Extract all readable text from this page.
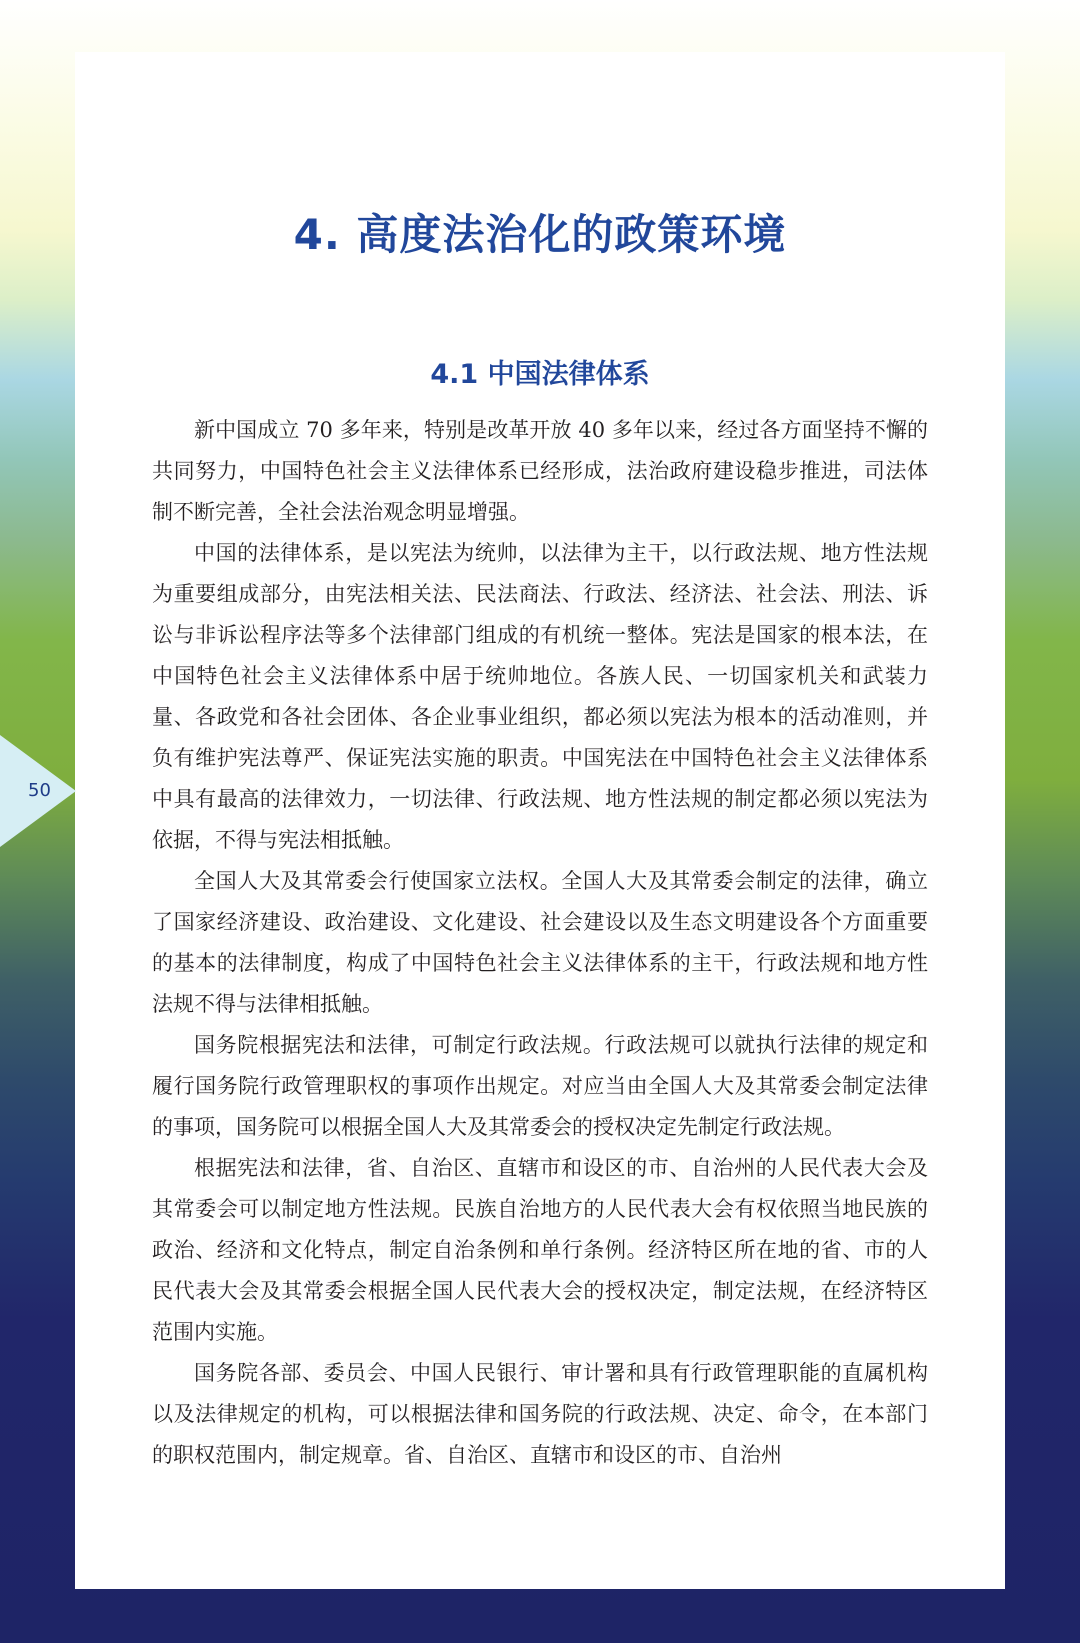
50
4. 高度法治化的政策环境
4.1 中国法律体系

新中国成立 70 多年来，特别是改革开放 40 多年以来，经过各方面坚持不懈的共同努力，中国特色社会主义法律体系已经形成，法治政府建设稳步推进，司法体制不断完善，全社会法治观念明显增强。

中国的法律体系，是以宪法为统帅，以法律为主干，以行政法规、地方性法规为重要组成部分，由宪法相关法、民法商法、行政法、经济法、社会法、刑法、诉讼与非诉讼程序法等多个法律部门组成的有机统一整体。宪法是国家的根本法，在中国特色社会主义法律体系中居于统帅地位。各族人民、一切国家机关和武装力量、各政党和各社会团体、各企业事业组织，都必须以宪法为根本的活动准则，并负有维护宪法尊严、保证宪法实施的职责。中国宪法在中国特色社会主义法律体系中具有最高的法律效力，一切法律、行政法规、地方性法规的制定都必须以宪法为依据，不得与宪法相抵触。

全国人大及其常委会行使国家立法权。全国人大及其常委会制定的法律，确立了国家经济建设、政治建设、文化建设、社会建设以及生态文明建设各个方面重要的基本的法律制度，构成了中国特色社会主义法律体系的主干，行政法规和地方性法规不得与法律相抵触。

国务院根据宪法和法律，可制定行政法规。行政法规可以就执行法律的规定和履行国务院行政管理职权的事项作出规定。对应当由全国人大及其常委会制定法律的事项，国务院可以根据全国人大及其常委会的授权决定先制定行政法规。

根据宪法和法律，省、自治区、直辖市和设区的市、自治州的人民代表大会及其常委会可以制定地方性法规。民族自治地方的人民代表大会有权依照当地民族的政治、经济和文化特点，制定自治条例和单行条例。经济特区所在地的省、市的人民代表大会及其常委会根据全国人民代表大会的授权决定，制定法规，在经济特区范围内实施。

国务院各部、委员会、中国人民银行、审计署和具有行政管理职能的直属机构以及法律规定的机构，可以根据法律和国务院的行政法规、决定、命令，在本部门的职权范围内，制定规章。省、自治区、直辖市和设区的市、自治州
